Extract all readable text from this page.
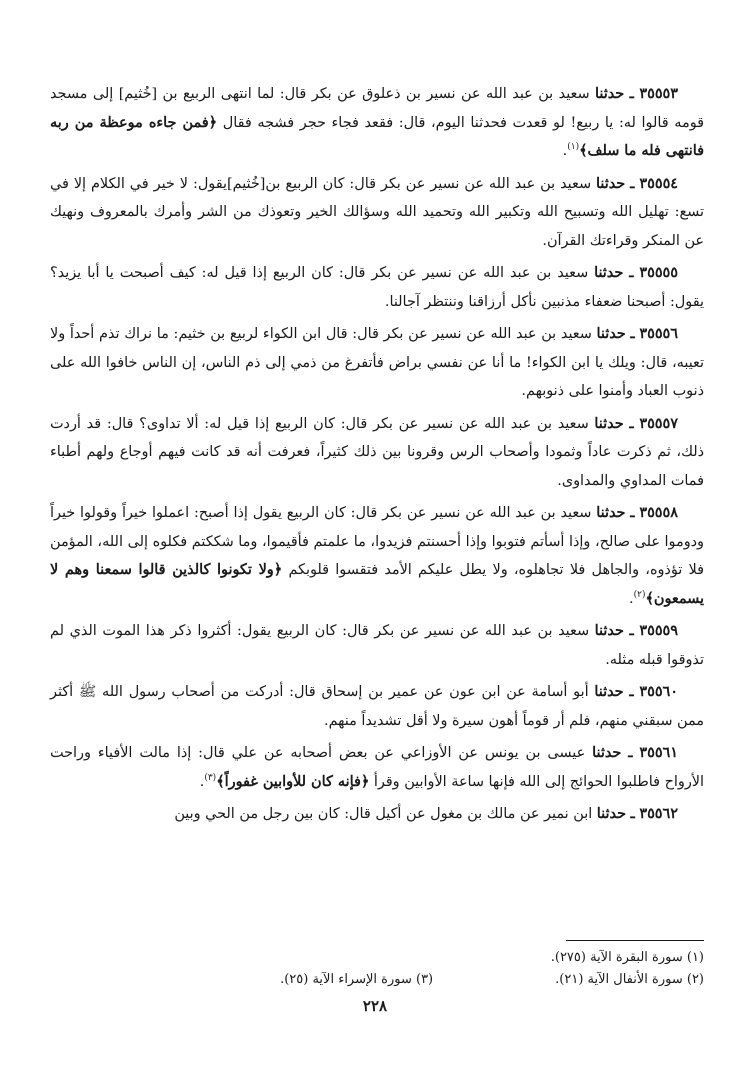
٣٥٥٥٣ ـ حدثنا سعيد بن عبد الله عن نسير بن ذعلوق عن بكر قال: لما انتهى الربيع بن [خُثيم] إلى مسجد قومه قالوا له: يا ربيع! لو قعدت فحدثنا اليوم، قال: فقعد فجاء حجر فشجه فقال ﴿فمن جاءه موعظة من ربه فانتهى فله ما سلف﴾$^{(١)}$.

٣٥٥٥٤ ـ حدثنا سعيد بن عبد الله عن نسير عن بكر قال: كان الربيع بن[خُثيم]يقول: لا خير في الكلام إلا في تسع: تهليل الله وتسبيح الله وتكبير الله وتحميد الله وسؤالك الخير وتعوذك من الشر وأمرك بالمعروف ونهيك عن المنكر وقراءتك القرآن.

٣٥٥٥٥ ـ حدثنا سعيد بن عبد الله عن نسير عن بكر قال: كان الربيع إذا قيل له: كيف أصبحت يا أبا يزيد؟ يقول: أصبحنا ضعفاء مذنبين نأكل أرزاقنا وننتظر آجالنا.

٣٥٥٥٦ ـ حدثنا سعيد بن عبد الله عن نسير عن بكر قال: قال ابن الكواء لربيع بن خثيم: ما نراك تذم أحداً ولا تعيبه، قال: ويلك يا ابن الكواء! ما أنا عن نفسي براض فأتفرغ من ذمي إلى ذم الناس، إن الناس خافوا الله على ذنوب العباد وأمنوا على ذنوبهم.

٣٥٥٥٧ ـ حدثنا سعيد بن عبد الله عن نسير عن بكر قال: كان الربيع إذا قيل له: ألا تداوى؟ قال: قد أردت ذلك، ثم ذكرت عاداً وثمودا وأصحاب الرس وقرونا بين ذلك كثيراً، فعرفت أنه قد كانت فيهم أوجاع ولهم أطباء فمات المداوي والمداوى.

٣٥٥٥٨ ـ حدثنا سعيد بن عبد الله عن نسير عن بكر قال: كان الربيع يقول إذا أصبح: اعملوا خيراً وقولوا خيراً ودوموا على صالح، وإذا أسأتم فتوبوا وإذا أحسنتم فزيدوا، ما علمتم فأقيموا، وما شككتم فكلوه إلى الله، المؤمن فلا تؤذوه، والجاهل فلا تجاهلوه، ولا يطل عليكم الأمد فتقسوا قلوبكم ﴿ولا تكونوا كالذين قالوا سمعنا وهم لا يسمعون﴾$^{(٢)}$.

٣٥٥٥٩ ـ حدثنا سعيد بن عبد الله عن نسير عن بكر قال: كان الربيع يقول: أكثروا ذكر هذا الموت الذي لم تذوقوا قبله مثله.

٣٥٥٦٠ ـ حدثنا أبو أسامة عن ابن عون عن عمير بن إسحاق قال: أدركت من أصحاب رسول الله ﷺ أكثر ممن سبقني منهم، فلم أر قوماً أهون سيرة ولا أقل تشديداً منهم.

٣٥٥٦١ ـ حدثنا عيسى بن يونس عن الأوزاعي عن بعض أصحابه عن علي قال: إذا مالت الأفياء وراحت الأرواح فاطلبوا الحوائج إلى الله فإنها ساعة الأوابين وقرأ ﴿فإنه كان للأوابين غفوراً﴾$^{(٣)}$.

٣٥٥٦٢ ـ حدثنا ابن نمير عن مالك بن مغول عن أكيل قال: كان بين رجل من الحي وبين

(١) سورة البقرة الآية (٢٧٥).
(٢) سورة الأنفال الآية (٢١).
(٣) سورة الإسراء الآية (٢٥).
٢٢٨
